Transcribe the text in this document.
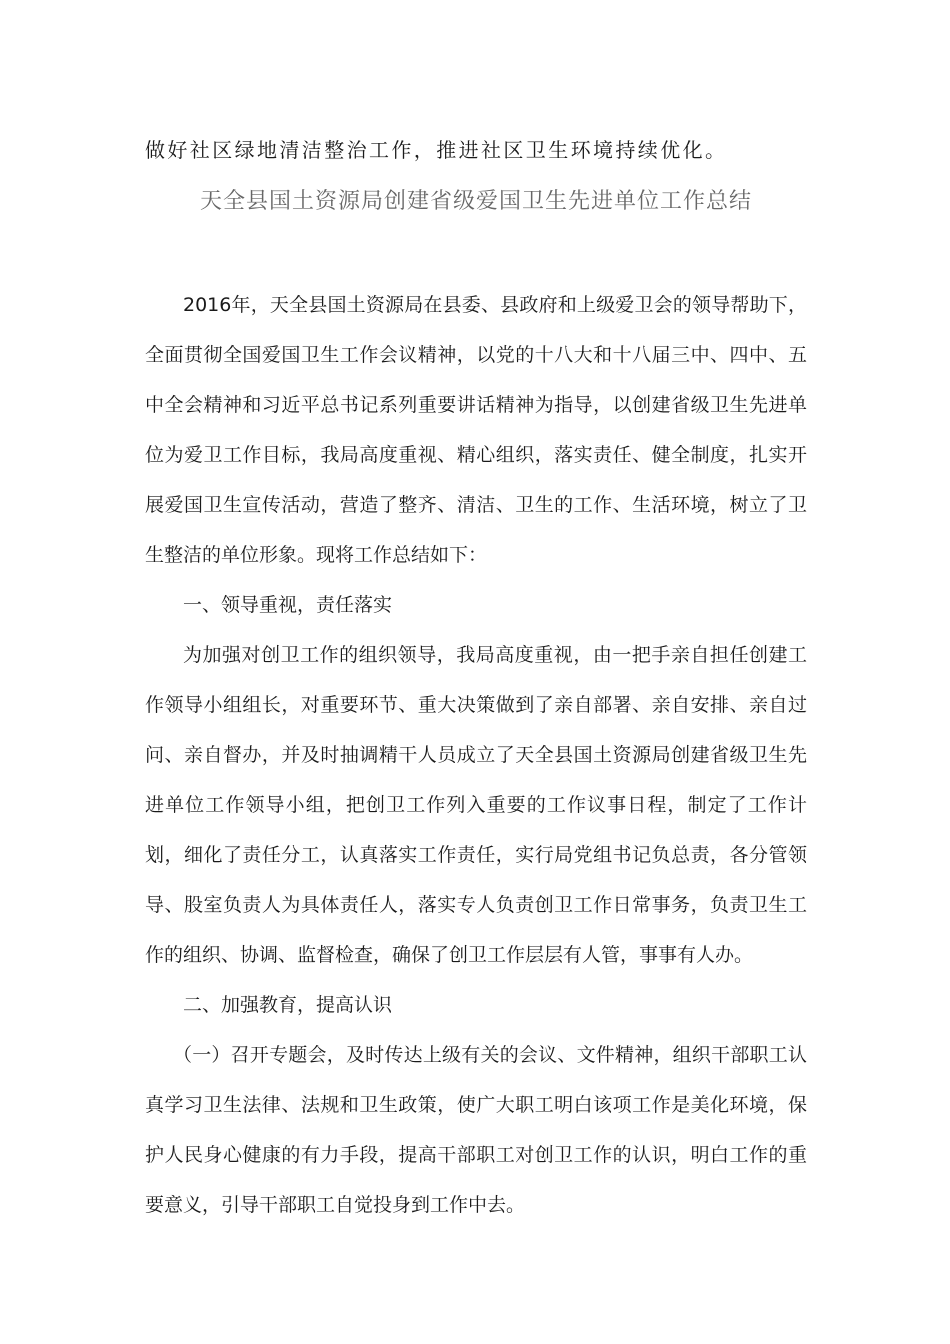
做好社区绿地清洁整治工作，推进社区卫生环境持续优化。
天全县国土资源局创建省级爱国卫生先进单位工作总结

2016年，天全县国土资源局在县委、县政府和上级爱卫会的领导帮助下，全面贯彻全国爱国卫生工作会议精神，以党的十八大和十八届三中、四中、五中全会精神和习近平总书记系列重要讲话精神为指导，以创建省级卫生先进单位为爱卫工作目标，我局高度重视、精心组织，落实责任、健全制度，扎实开展爱国卫生宣传活动，营造了整齐、清洁、卫生的工作、生活环境，树立了卫生整洁的单位形象。现将工作总结如下：

一、领导重视，责任落实

为加强对创卫工作的组织领导，我局高度重视，由一把手亲自担任创建工作领导小组组长，对重要环节、重大决策做到了亲自部署、亲自安排、亲自过问、亲自督办，并及时抽调精干人员成立了天全县国土资源局创建省级卫生先进单位工作领导小组，把创卫工作列入重要的工作议事日程，制定了工作计划，细化了责任分工，认真落实工作责任，实行局党组书记负总责，各分管领导、股室负责人为具体责任人，落实专人负责创卫工作日常事务，负责卫生工作的组织、协调、监督检查，确保了创卫工作层层有人管，事事有人办。

二、加强教育，提高认识

（一）召开专题会，及时传达上级有关的会议、文件精神，组织干部职工认真学习卫生法律、法规和卫生政策，使广大职工明白该项工作是美化环境，保护人民身心健康的有力手段，提高干部职工对创卫工作的认识，明白工作的重要意义，引导干部职工自觉投身到工作中去。
